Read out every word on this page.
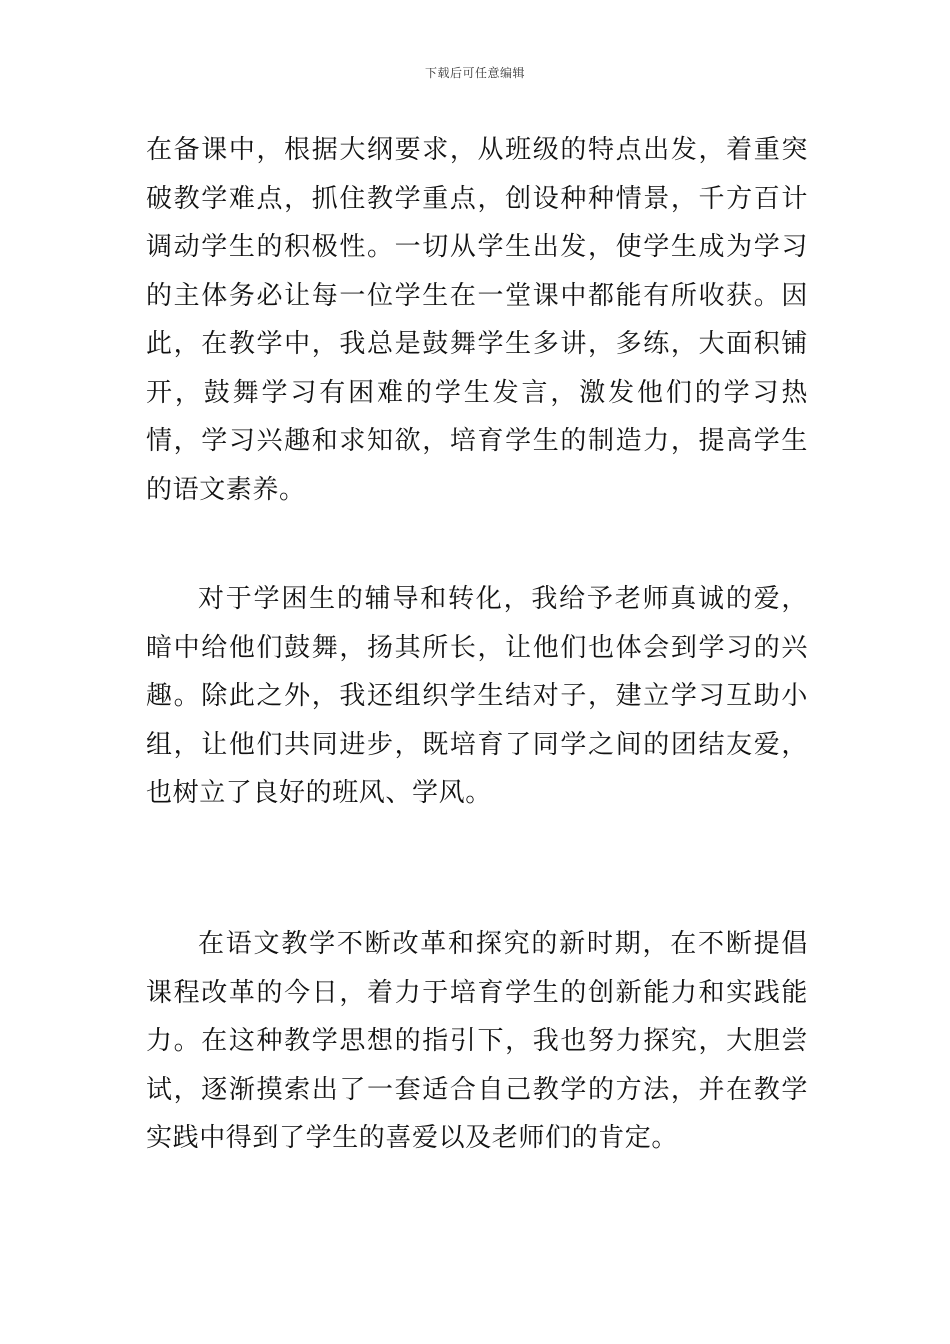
下载后可任意编辑

在备课中，根据大纲要求，从班级的特点出发，着重突破教学难点，抓住教学重点，创设种种情景，千方百计调动学生的积极性。一切从学生出发，使学生成为学习的主体务必让每一位学生在一堂课中都能有所收获。因此，在教学中，我总是鼓舞学生多讲，多练，大面积铺开，鼓舞学习有困难的学生发言，激发他们的学习热情，学习兴趣和求知欲，培育学生的制造力，提高学生的语文素养。

对于学困生的辅导和转化，我给予老师真诚的爱，暗中给他们鼓舞，扬其所长，让他们也体会到学习的兴趣。除此之外，我还组织学生结对子，建立学习互助小组，让他们共同进步，既培育了同学之间的团结友爱，也树立了良好的班风、学风。

在语文教学不断改革和探究的新时期，在不断提倡课程改革的今日，着力于培育学生的创新能力和实践能力。在这种教学思想的指引下，我也努力探究，大胆尝试，逐渐摸索出了一套适合自己教学的方法，并在教学实践中得到了学生的喜爱以及老师们的肯定。
